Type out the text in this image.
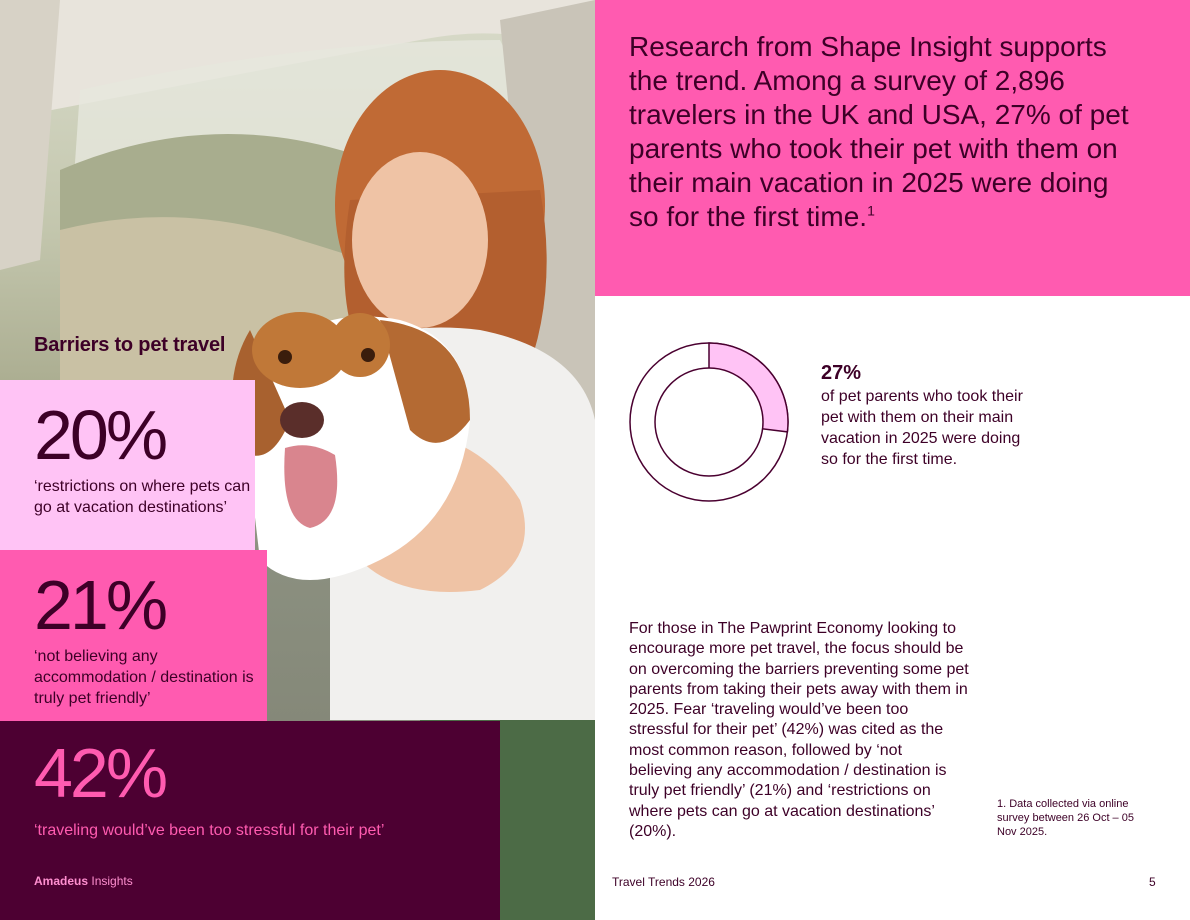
Barriers to pet travel
20%
‘restrictions on where pets can go at vacation destinations’
21%
‘not believing any accommodation / destination is truly pet friendly’
42%
‘traveling would’ve been too stressful for their pet’
Amadeus Insights

Research from Shape Insight supports the trend. Among a survey of 2,896 travelers in the UK and USA, 27% of pet parents who took their pet with them on their main vacation in 2025 were doing so for the first time.$^1$

27%
of pet parents who took their pet with them on their main vacation in 2025 were doing so for the first time.
For those in The Pawprint Economy looking to encourage more pet travel, the focus should be on overcoming the barriers preventing some pet parents from taking their pets away with them in 2025. Fear ‘traveling would’ve been too stressful for their pet’ (42%) was cited as the most common reason, followed by ‘not believing any accommodation / destination is truly pet friendly’ (21%) and ‘restrictions on where pets can go at vacation destinations’ (20%).
1. Data collected via online survey between 26 Oct – 05 Nov 2025.
Travel Trends 2026	5
